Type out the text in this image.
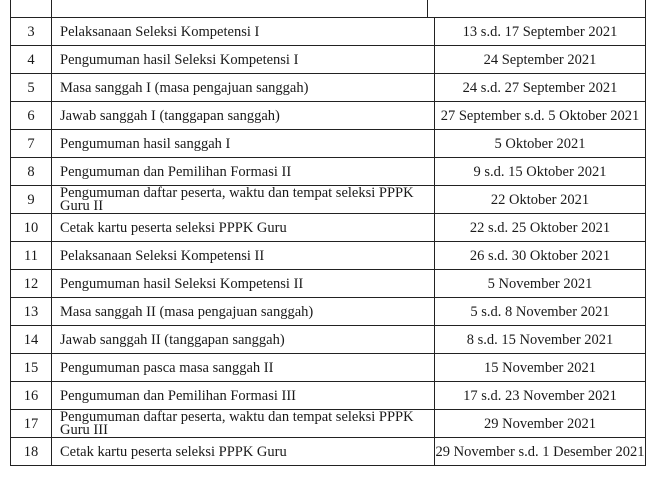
3	Pelaksanaan Seleksi Kompetensi I	13 s.d. 17 September 2021
4	Pengumuman hasil Seleksi Kompetensi I	24 September 2021
5	Masa sanggah I (masa pengajuan sanggah)	24 s.d. 27 September 2021
6	Jawab sanggah I (tanggapan sanggah)	27 September s.d. 5 Oktober 2021
7	Pengumuman hasil sanggah I	5 Oktober 2021
8	Pengumuman dan Pemilihan Formasi II	9 s.d. 15 Oktober 2021
9	Pengumuman daftar peserta, waktu dan tempat seleksi PPPK Guru II	22 Oktober 2021
10	Cetak kartu peserta seleksi PPPK Guru	22 s.d. 25 Oktober 2021
11	Pelaksanaan Seleksi Kompetensi II	26 s.d. 30 Oktober 2021
12	Pengumuman hasil Seleksi Kompetensi II	5 November 2021
13	Masa sanggah II (masa pengajuan sanggah)	5 s.d. 8 November 2021
14	Jawab sanggah II (tanggapan sanggah)	8 s.d. 15 November 2021
15	Pengumuman pasca masa sanggah II	15 November 2021
16	Pengumuman dan Pemilihan Formasi III	17 s.d. 23 November 2021
17	Pengumuman daftar peserta, waktu dan tempat seleksi PPPK Guru III	29 November 2021
18	Cetak kartu peserta seleksi PPPK Guru	29 November s.d. 1 Desember 2021
